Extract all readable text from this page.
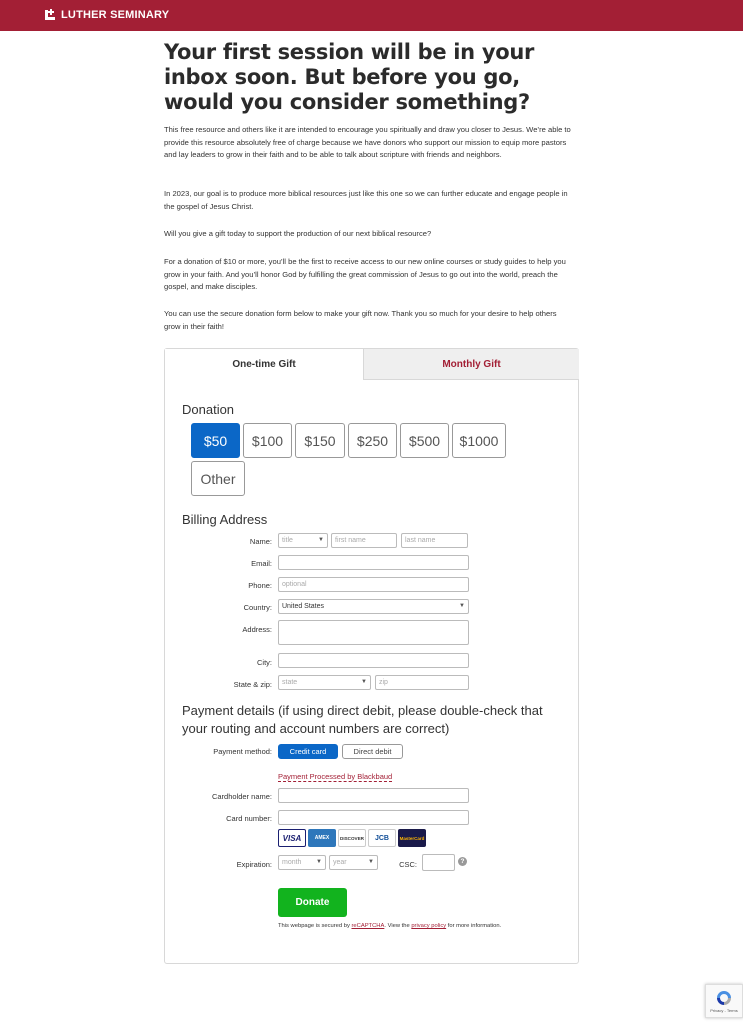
LUTHER SEMINARY
Your first session will be in your inbox soon. But before you go, would you consider something?

This free resource and others like it are intended to encourage you spiritually and draw you closer to Jesus. We’re able to provide this resource absolutely free of charge because we have donors who support our mission to equip more pastors and lay leaders to grow in their faith and to be able to talk about scripture with friends and neighbors.

In 2023, our goal is to produce more biblical resources just like this one so we can further educate and engage people in the gospel of Jesus Christ.

Will you give a gift today to support the production of our next biblical resource?

For a donation of $10 or more, you’ll be the first to receive access to our new online courses or study guides to help you grow in your faith. And you’ll honor God by fulfilling the great commission of Jesus to go out into the world, preach the gospel, and make disciples.

You can use the secure donation form below to make your gift now. Thank you so much for your desire to help others grow in their faith!

One-time Gift	Monthly Gift
Donation
$50	$100	$150	$250	$500	$1000
Other
Billing Address
Name: title	▼	first name	last name
Email:
Phone:	optional
Country: United States	▼
Address:
City:
State & zip: state	▼	zip
Payment details (if using direct debit, please double-check that your routing and account numbers are correct)
Payment method:	Credit card	Direct debit
Payment Processed by Blackbaud
Cardholder name:
Card number:
VISA	AMEX	DISCOVER	JCB	MasterCard
Expiration: month ▼ year	▼	CSC:	?
Donate
This webpage is secured by reCAPTCHA. View the privacy policy for more information.
Privacy - Terms
